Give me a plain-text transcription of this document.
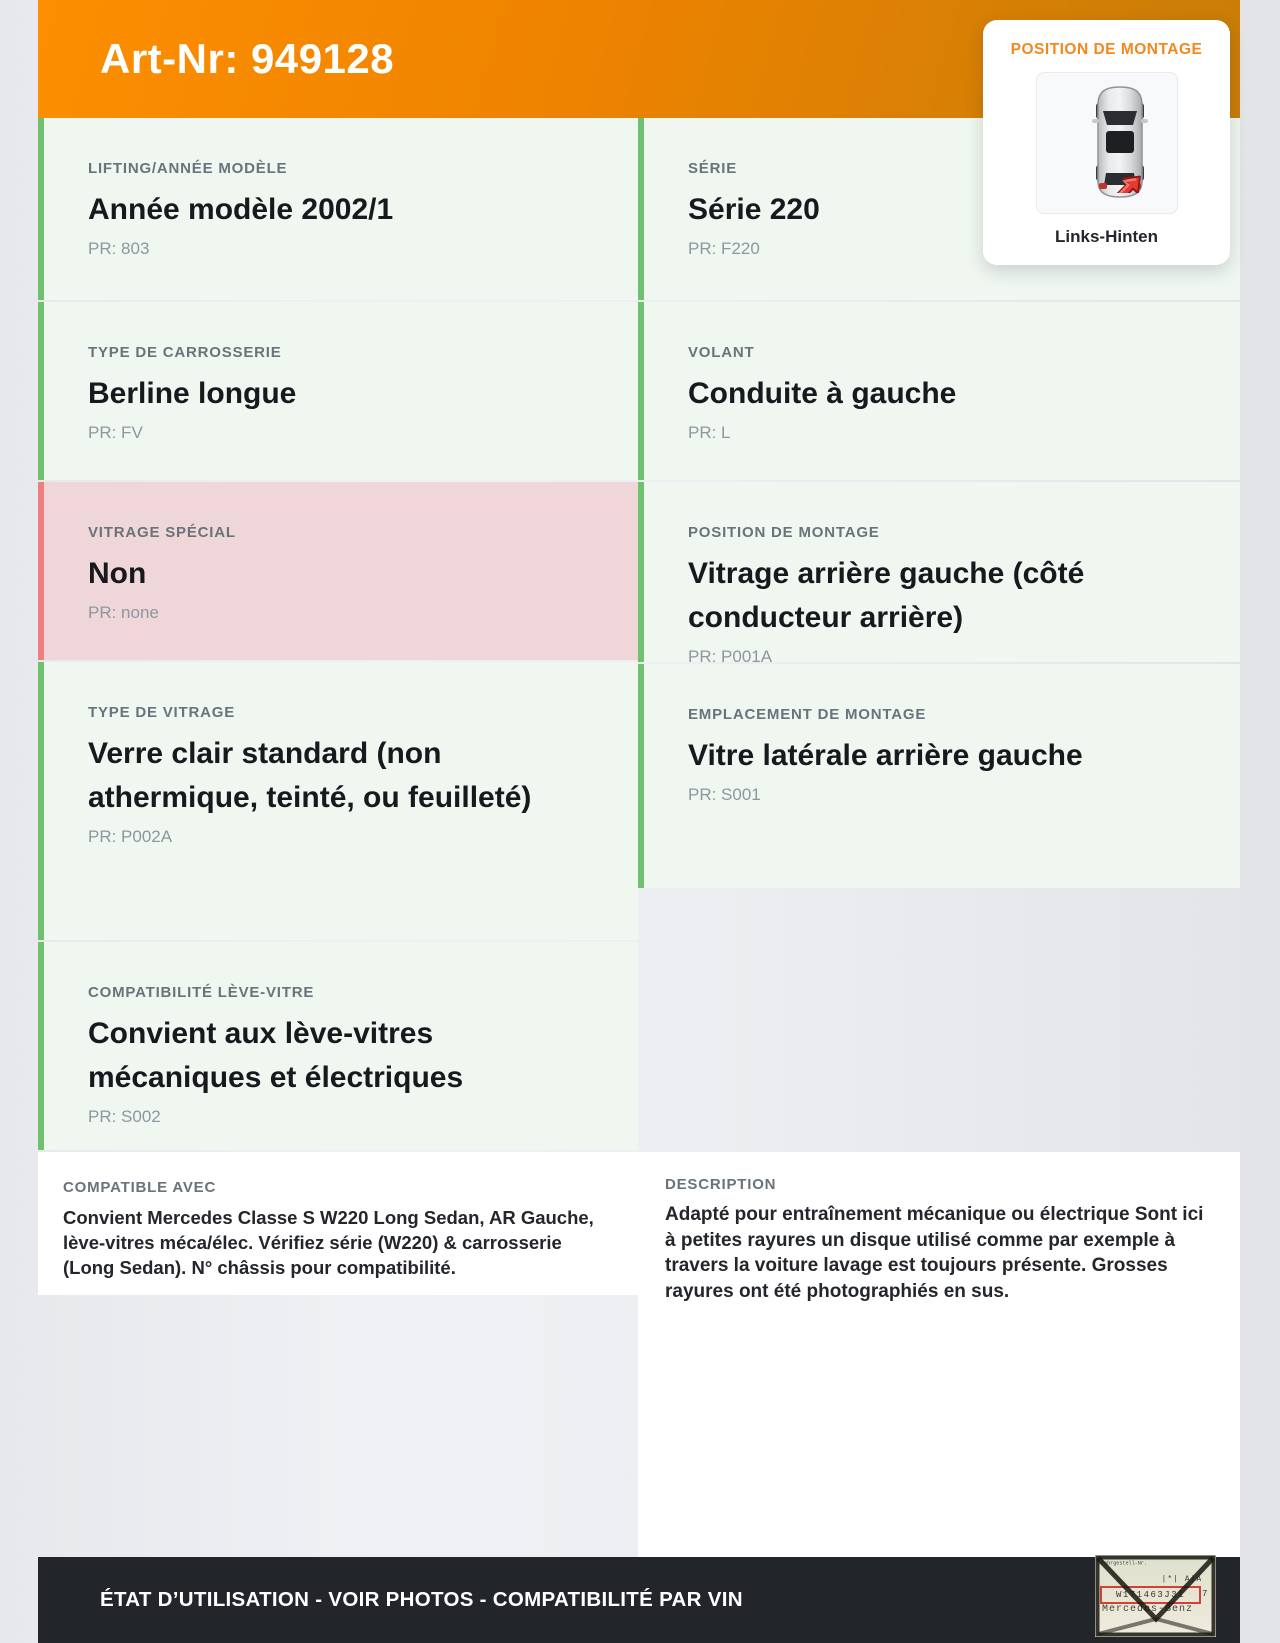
Art-Nr: 949128

LIFTING/ANNÉE MODÈLE

Année modèle 2002/1

PR: 803

TYPE DE CARROSSERIE

Berline longue

PR: FV

VITRAGE SPÉCIAL

Non

PR: none

TYPE DE VITRAGE

Verre clair standard (non athermique, teinté, ou feuilleté)

PR: P002A

COMPATIBILITÉ LÈVE-VITRE

Convient aux lève-vitres mécaniques et électriques

PR: S002

SÉRIE

Série 220

PR: F220

VOLANT

Conduite à gauche

PR: L

POSITION DE MONTAGE

Vitrage arrière gauche (côté conducteur arrière)

PR: P001A

EMPLACEMENT DE MONTAGE

Vitre latérale arrière gauche

PR: S001

COMPATIBLE AVEC

Convient Mercedes Classe S W220 Long Sedan, AR Gauche, lève-vitres méca/élec. Vérifiez série (W220) & carrosserie (Long Sedan). N° châssis pour compatibilité.

DESCRIPTION

Adapté pour entraînement mécanique ou électrique Sont ici à petites rayures un disque utilisé comme par exemple à travers la voiture lavage est toujours présente. Grosses rayures ont été photographiés en sus.

ÉTAT D’UTILISATION - VOIR PHOTOS - COMPATIBILITÉ PAR VIN
Fahrgestell-Nr.
|*| A|A
W171463J31 7
Mercedes-Benz

POSITION DE MONTAGE

Links-Hinten
